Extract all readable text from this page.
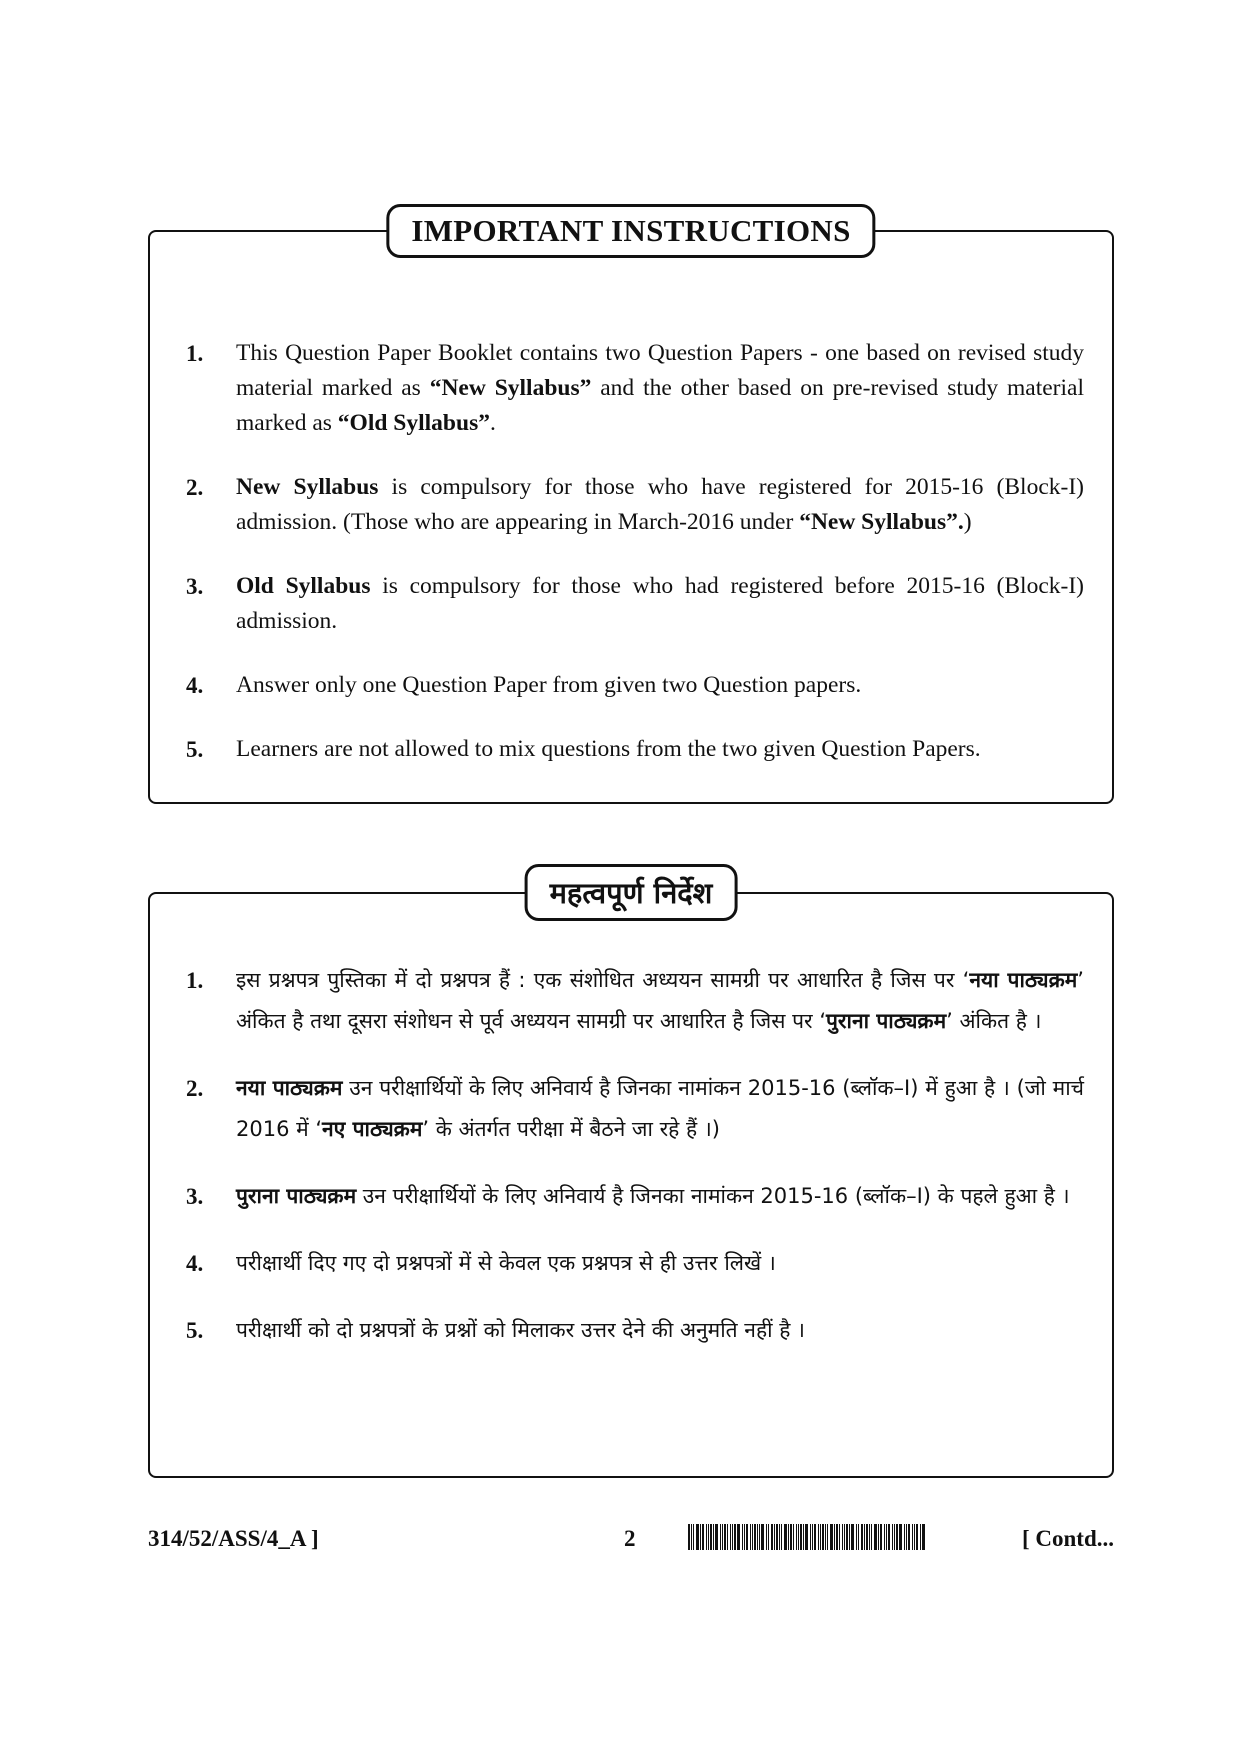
IMPORTANT INSTRUCTIONS
1.	This Question Paper Booklet contains two Question Papers - one based on revised study material marked as “New Syllabus” and the other based on pre-revised study material marked as “Old Syllabus”.
2.	New Syllabus is compulsory for those who have registered for 2015-16 (Block-I) admission. (Those who are appearing in March-2016 under “New Syllabus”.)
3.	Old Syllabus is compulsory for those who had registered before 2015-16 (Block-I) admission.
4.	Answer only one Question Paper from given two Question papers.
5.	Learners are not allowed to mix questions from the two given Question Papers.
महत्वपूर्ण निर्देश
1.	इस प्रश्नपत्र पुस्तिका में दो प्रश्नपत्र हैं : एक संशोधित अध्ययन सामग्री पर आधारित है जिस पर ‘नया पाठ्यक्रम’ अंकित है तथा दूसरा संशोधन से पूर्व अध्ययन सामग्री पर आधारित है जिस पर ‘पुराना पाठ्यक्रम’ अंकित है ।
2.	नया पाठ्यक्रम उन परीक्षार्थियों के लिए अनिवार्य है जिनका नामांकन 2015-16 (ब्लॉक–I) में हुआ है । (जो मार्च 2016 में ‘नए पाठ्यक्रम’ के अंतर्गत परीक्षा में बैठने जा रहे हैं ।)
3.	पुराना पाठ्यक्रम उन परीक्षार्थियों के लिए अनिवार्य है जिनका नामांकन 2015-16 (ब्लॉक–I) के पहले हुआ है ।
4.	परीक्षार्थी दिए गए दो प्रश्नपत्रों में से केवल एक प्रश्नपत्र से ही उत्तर लिखें ।
5.	परीक्षार्थी को दो प्रश्नपत्रों के प्रश्नों को मिलाकर उत्तर देने की अनुमति नहीं है ।
314/52/ASS/4_A ]	2	[ Contd...
